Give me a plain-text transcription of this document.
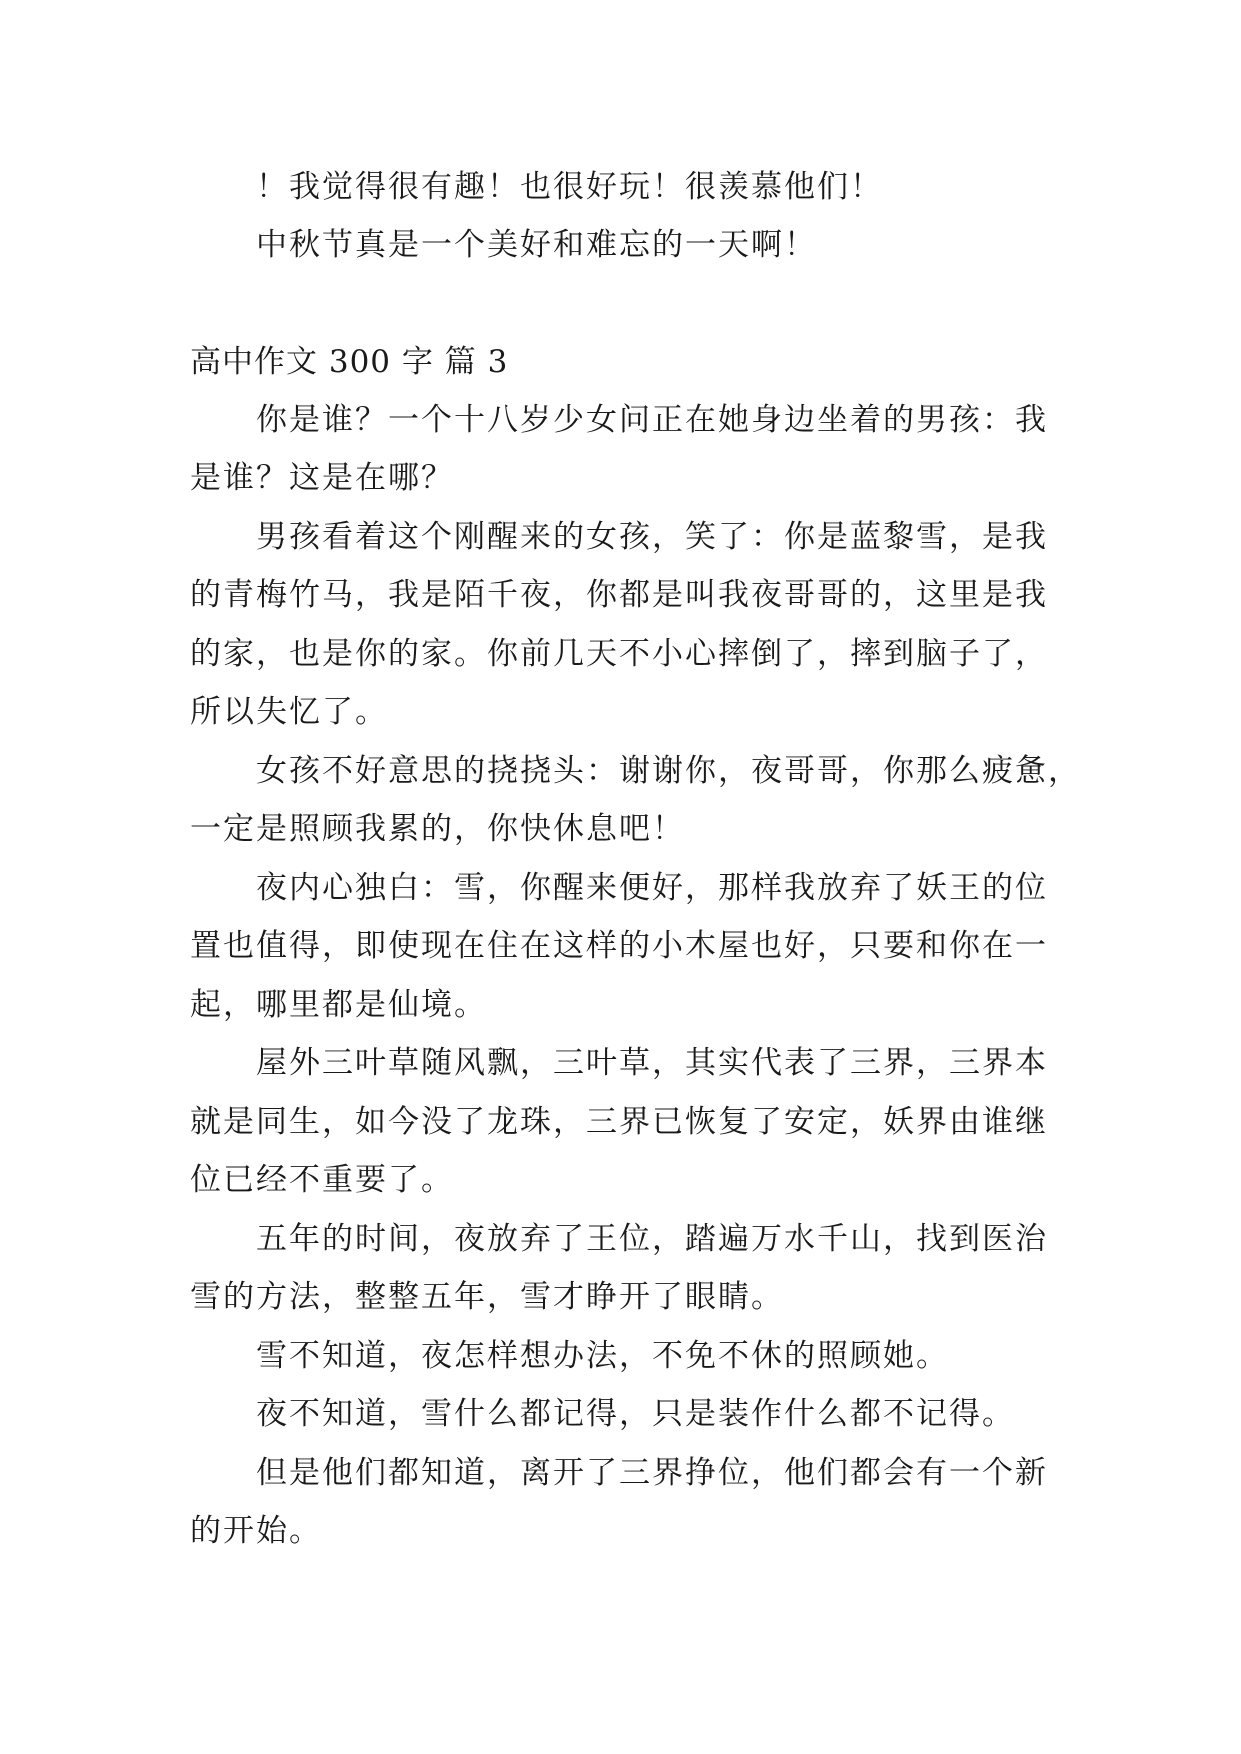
！我觉得很有趣！也很好玩！很羡慕他们！
中秋节真是一个美好和难忘的一天啊！
高中作文 300 字 篇 3
你是谁？一个十八岁少女问正在她身边坐着的男孩：我
是谁？这是在哪？
男孩看着这个刚醒来的女孩，笑了：你是蓝黎雪，是我
的青梅竹马，我是陌千夜，你都是叫我夜哥哥的，这里是我
的家，也是你的家。你前几天不小心摔倒了，摔到脑子了，
所以失忆了。
女孩不好意思的挠挠头：谢谢你，夜哥哥，你那么疲惫，
一定是照顾我累的，你快休息吧！
夜内心独白：雪，你醒来便好，那样我放弃了妖王的位
置也值得，即使现在住在这样的小木屋也好，只要和你在一
起，哪里都是仙境。
屋外三叶草随风飘，三叶草，其实代表了三界，三界本
就是同生，如今没了龙珠，三界已恢复了安定，妖界由谁继
位已经不重要了。
五年的时间，夜放弃了王位，踏遍万水千山，找到医治
雪的方法，整整五年，雪才睁开了眼睛。
雪不知道，夜怎样想办法，不免不休的照顾她。
夜不知道，雪什么都记得，只是装作什么都不记得。
但是他们都知道，离开了三界挣位，他们都会有一个新
的开始。
